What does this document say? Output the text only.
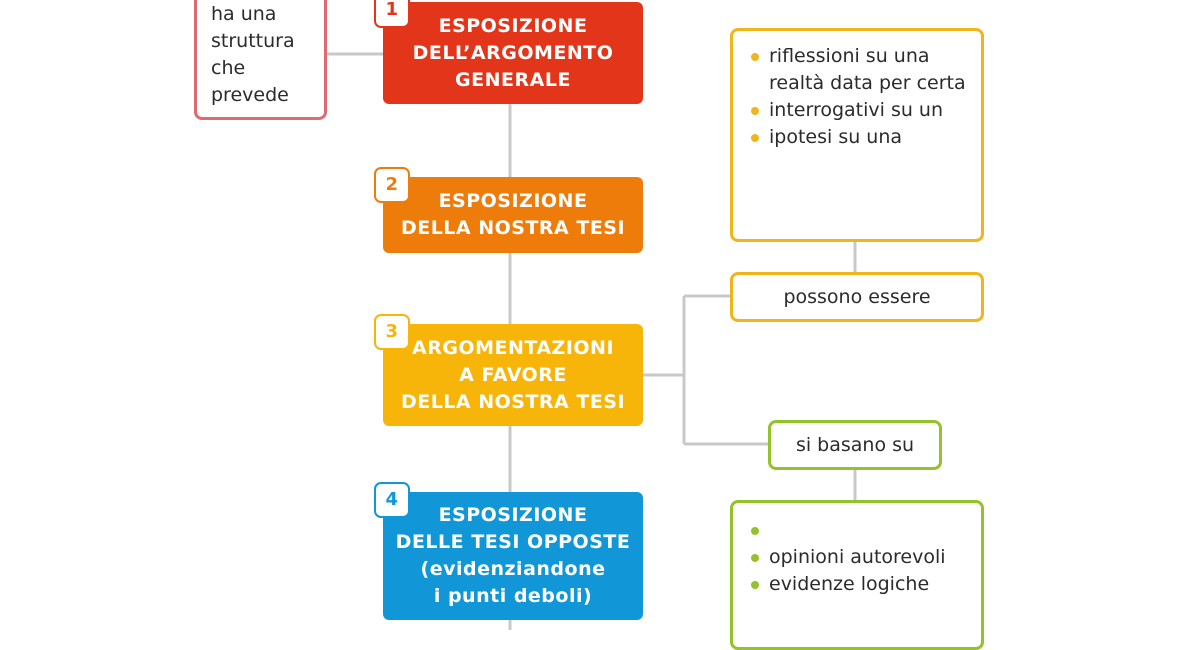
ha una
struttura
che
prevede
1
ESPOSIZIONE
DELL’ARGOMENTO
GENERALE
2
ESPOSIZIONE
DELLA NOSTRA TESI
3
ARGOMENTAZIONI
A FAVORE
DELLA NOSTRA TESI
4
ESPOSIZIONE
DELLE TESI OPPOSTE
(evidenziandone
i punti deboli)
riflessioni su una realtà data per certa
interrogativi su un
ipotesi su una
possono essere
si basano su
opinioni autorevoli
evidenze logiche
